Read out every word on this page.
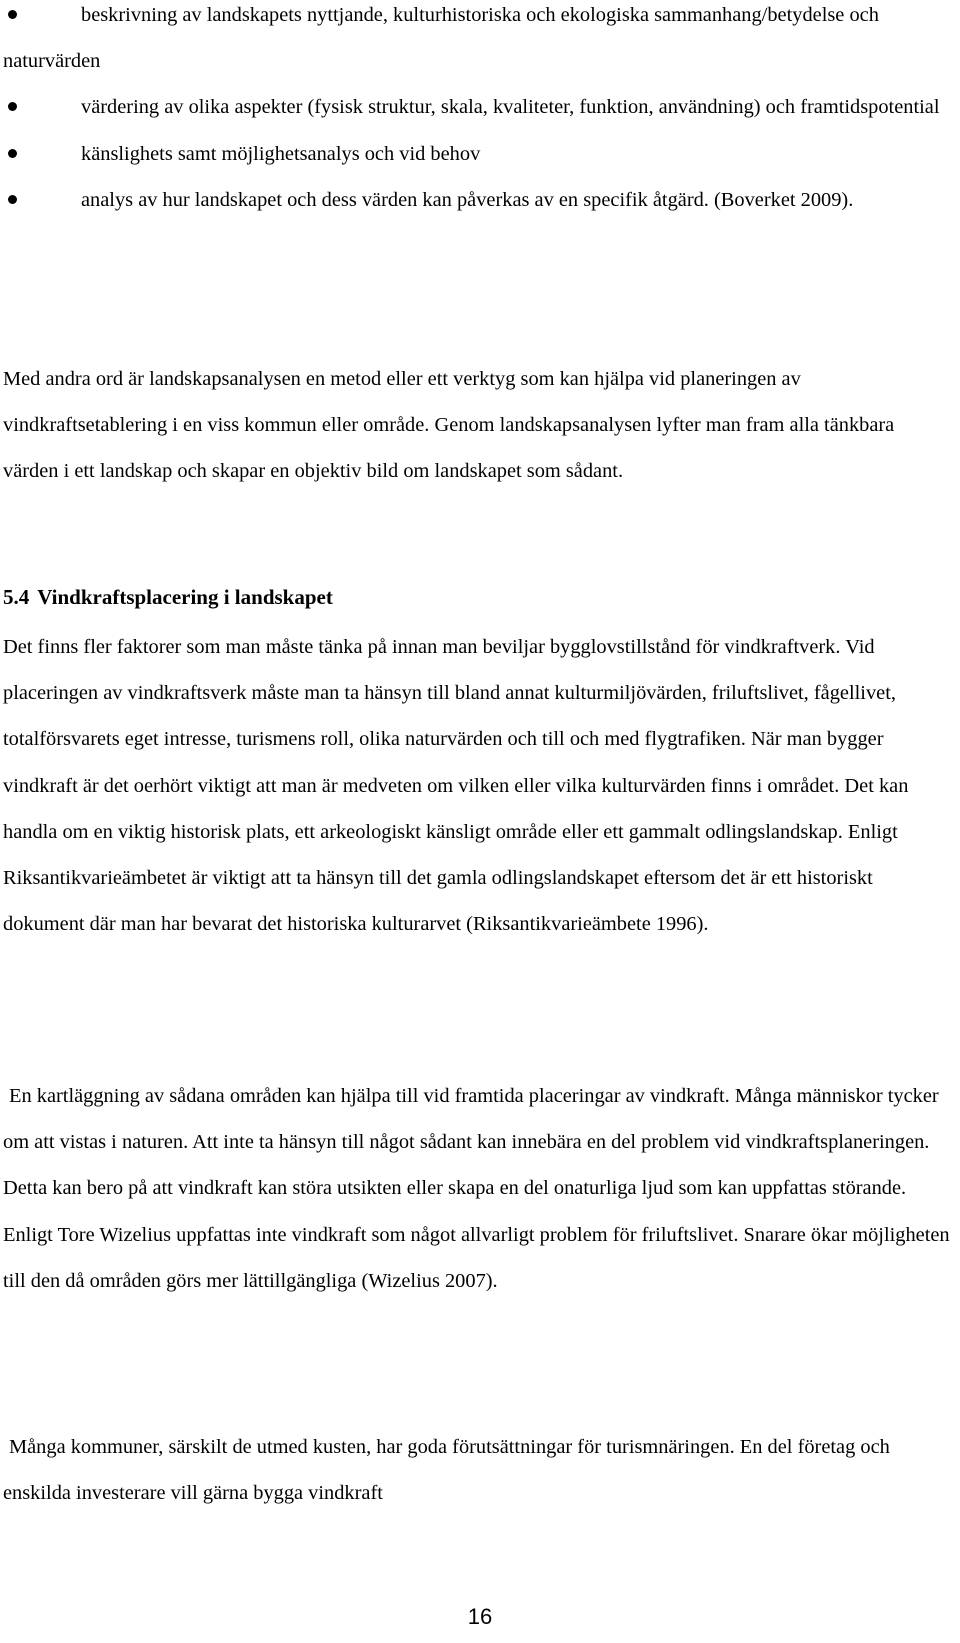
beskrivning av landskapets nyttjande, kulturhistoriska och ekologiska sammanhang/betydelse och naturvärden
värdering av olika aspekter (fysisk struktur, skala, kvaliteter, funktion, användning) och framtidspotential
känslighets samt möjlighetsanalys och vid behov
analys av hur landskapet och dess värden kan påverkas av en specifik åtgärd. (Boverket 2009).

Med andra ord är landskapsanalysen en metod eller ett verktyg som kan hjälpa vid planeringen av vindkraftsetablering i en viss kommun eller område. Genom landskapsanalysen lyfter man fram alla tänkbara värden i ett landskap och skapar en objektiv bild om landskapet som sådant.

5.4 Vindkraftsplacering i landskapet

Det finns fler faktorer som man måste tänka på innan man beviljar bygglovstillstånd för vindkraftverk. Vid placeringen av vindkraftsverk måste man ta hänsyn till bland annat kulturmiljövärden, friluftslivet, fågellivet, totalförsvarets eget intresse, turismens roll, olika naturvärden och till och med flygtrafiken. När man bygger vindkraft är det oerhört viktigt att man är medveten om vilken eller vilka kulturvärden finns i området. Det kan handla om en viktig historisk plats, ett arkeologiskt känsligt område eller ett gammalt odlingslandskap. Enligt Riksantikvarieämbetet är viktigt att ta hänsyn till det gamla odlingslandskapet eftersom det är ett historiskt dokument där man har bevarat det historiska kulturarvet (Riksantikvarieämbete 1996).

En kartläggning av sådana områden kan hjälpa till vid framtida placeringar av vindkraft. Många människor tycker om att vistas i naturen. Att inte ta hänsyn till något sådant kan innebära en del problem vid vindkraftsplaneringen. Detta kan bero på att vindkraft kan störa utsikten eller skapa en del onaturliga ljud som kan uppfattas störande. Enligt Tore Wizelius uppfattas inte vindkraft som något allvarligt problem för friluftslivet. Snarare ökar möjligheten till den då områden görs mer lättillgängliga (Wizelius 2007).

Många kommuner, särskilt de utmed kusten, har goda förutsättningar för turismnäringen. En del företag och enskilda investerare vill gärna bygga vindkraft

16
